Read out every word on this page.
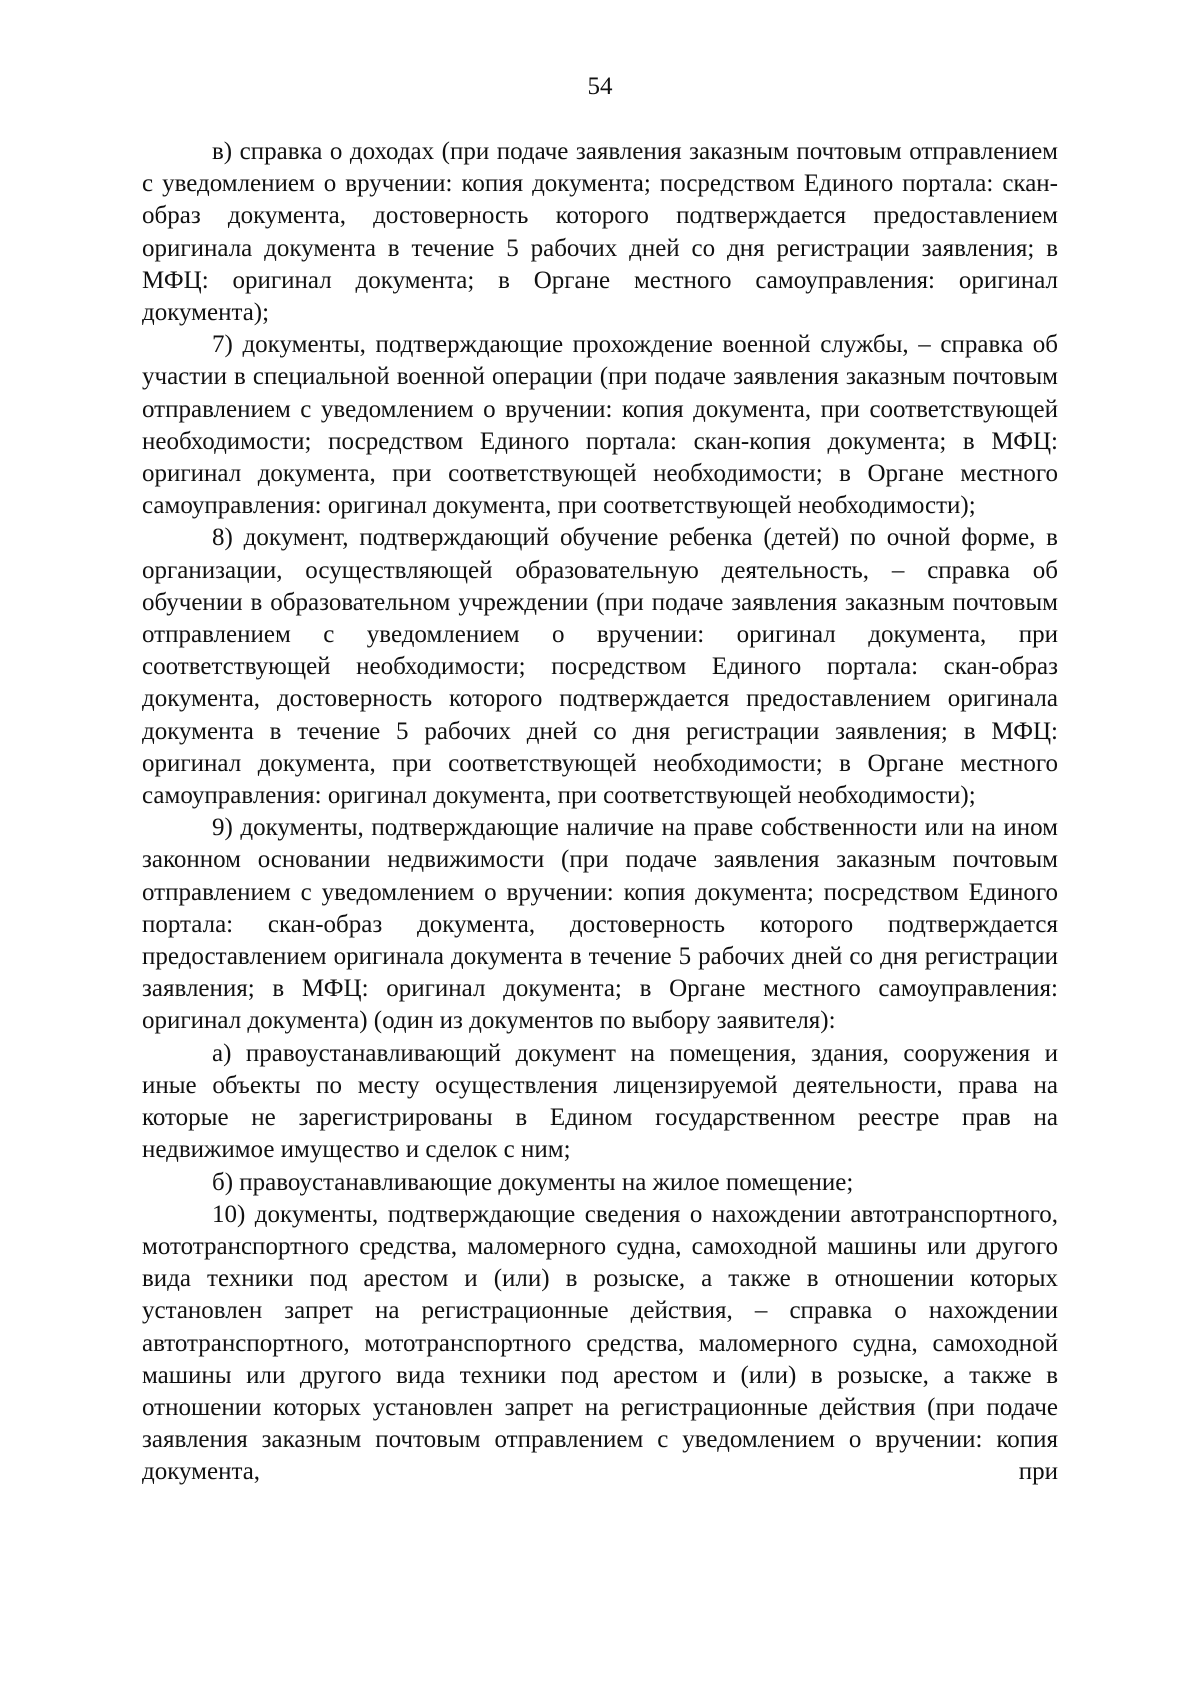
54

в) справка о доходах (при подаче заявления заказным почтовым отправлением с уведомлением о вручении: копия документа; посредством Единого портала: скан-образ документа, достоверность которого подтверждается предоставлением оригинала документа в течение 5 рабочих дней со дня регистрации заявления; в МФЦ: оригинал документа; в Органе местного самоуправления: оригинал документа);

7) документы, подтверждающие прохождение военной службы, – справка об участии в специальной военной операции (при подаче заявления заказным почтовым отправлением с уведомлением о вручении: копия документа, при соответствующей необходимости; посредством Единого портала: скан-копия документа; в МФЦ: оригинал документа, при соответствующей необходимости; в Органе местного самоуправления: оригинал документа, при соответствующей необходимости);

8) документ, подтверждающий обучение ребенка (детей) по очной форме, в организации, осуществляющей образовательную деятельность, – справка об обучении в образовательном учреждении (при подаче заявления заказным почтовым отправлением с уведомлением о вручении: оригинал документа, при соответствующей необходимости; посредством Единого портала: скан-образ документа, достоверность которого подтверждается предоставлением оригинала документа в течение 5 рабочих дней со дня регистрации заявления; в МФЦ: оригинал документа, при соответствующей необходимости; в Органе местного самоуправления: оригинал документа, при соответствующей необходимости);

9) документы, подтверждающие наличие на праве собственности или на ином законном основании недвижимости (при подаче заявления заказным почтовым отправлением с уведомлением о вручении: копия документа; посредством Единого портала: скан-образ документа, достоверность которого подтверждается предоставлением оригинала документа в течение 5 рабочих дней со дня регистрации заявления; в МФЦ: оригинал документа; в Органе местного самоуправления: оригинал документа) (один из документов по выбору заявителя):

а) правоустанавливающий документ на помещения, здания, сооружения и иные объекты по месту осуществления лицензируемой деятельности, права на которые не зарегистрированы в Едином государственном реестре прав на недвижимое имущество и сделок с ним;

б) правоустанавливающие документы на жилое помещение;

10) документы, подтверждающие сведения о нахождении автотранспортного, мототранспортного средства, маломерного судна, самоходной машины или другого вида техники под арестом и (или) в розыске, а также в отношении которых установлен запрет на регистрационные действия, – справка о нахождении автотранспортного, мототранспортного средства, маломерного судна, самоходной машины или другого вида техники под арестом и (или) в розыске, а также в отношении которых установлен запрет на регистрационные действия (при подаче заявления заказным почтовым отправлением с уведомлением о вручении: копия документа, при
